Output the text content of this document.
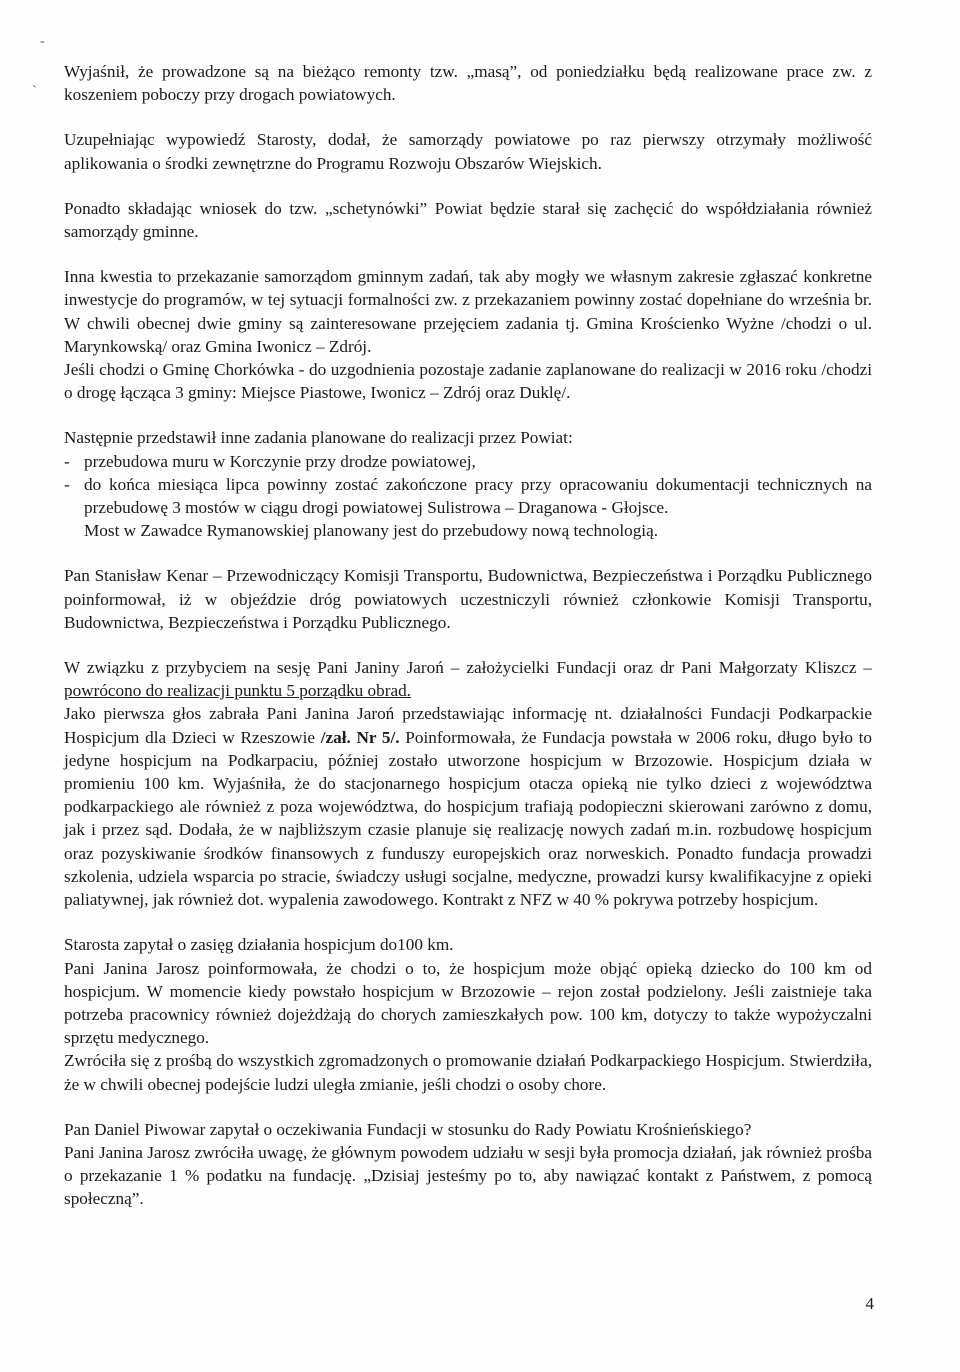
-
`

Wyjaśnił, że prowadzone są na bieżąco remonty tzw. „masą”, od poniedziałku będą realizowane prace zw. z koszeniem poboczy przy drogach powiatowych.

Uzupełniając wypowiedź Starosty, dodał, że samorządy powiatowe po raz pierwszy otrzymały możliwość aplikowania o środki zewnętrzne do Programu Rozwoju Obszarów Wiejskich.

Ponadto składając wniosek do tzw. „schetynówki” Powiat będzie starał się zachęcić do współdziałania również samorządy gminne.

Inna kwestia to przekazanie samorządom gminnym zadań, tak aby mogły we własnym zakresie zgłaszać konkretne inwestycje do programów, w tej sytuacji formalności zw. z przekazaniem powinny zostać dopełniane do września br. W chwili obecnej dwie gminy są zainteresowane przejęciem zadania tj. Gmina Krościenko Wyżne /chodzi o ul. Marynkowską/ oraz Gmina Iwonicz – Zdrój.

Jeśli chodzi o Gminę Chorkówka - do uzgodnienia pozostaje zadanie zaplanowane do realizacji w 2016 roku /chodzi o drogę łącząca 3 gminy: Miejsce Piastowe, Iwonicz – Zdrój oraz Duklę/.

Następnie przedstawił inne zadania planowane do realizacji przez Powiat:
- przebudowa muru w Korczynie przy drodze powiatowej,
- do końca miesiąca lipca powinny zostać zakończone pracy przy opracowaniu dokumentacji technicznych na przebudowę 3 mostów w ciągu drogi powiatowej Sulistrowa – Draganowa - Głojsce.
Most w Zawadce Rymanowskiej planowany jest do przebudowy nową technologią.

Pan Stanisław Kenar – Przewodniczący Komisji Transportu, Budownictwa, Bezpieczeństwa i Porządku Publicznego poinformował, iż w objeździe dróg powiatowych uczestniczyli również członkowie Komisji Transportu, Budownictwa, Bezpieczeństwa i Porządku Publicznego.

W związku z przybyciem na sesję Pani Janiny Jaroń – założycielki Fundacji oraz dr Pani Małgorzaty Kliszcz – powrócono do realizacji punktu 5 porządku obrad.

Jako pierwsza głos zabrała Pani Janina Jaroń przedstawiając informację nt. działalności Fundacji Podkarpackie Hospicjum dla Dzieci w Rzeszowie /zał. Nr 5/. Poinformowała, że Fundacja powstała w 2006 roku, długo było to jedyne hospicjum na Podkarpaciu, później zostało utworzone hospicjum w Brzozowie. Hospicjum działa w promieniu 100 km. Wyjaśniła, że do stacjonarnego hospicjum otacza opieką nie tylko dzieci z województwa podkarpackiego ale również z poza województwa, do hospicjum trafiają podopieczni skierowani zarówno z domu, jak i przez sąd. Dodała, że w najbliższym czasie planuje się realizację nowych zadań m.in. rozbudowę hospicjum oraz pozyskiwanie środków finansowych z funduszy europejskich oraz norweskich. Ponadto fundacja prowadzi szkolenia, udziela wsparcia po stracie, świadczy usługi socjalne, medyczne, prowadzi kursy kwalifikacyjne z opieki paliatywnej, jak również dot. wypalenia zawodowego. Kontrakt z NFZ w 40 % pokrywa potrzeby hospicjum.

Starosta zapytał o zasięg działania hospicjum do100 km.

Pani Janina Jarosz poinformowała, że chodzi o to, że hospicjum może objąć opieką dziecko do 100 km od hospicjum. W momencie kiedy powstało hospicjum w Brzozowie – rejon został podzielony. Jeśli zaistnieje taka potrzeba pracownicy również dojeżdżają do chorych zamieszkałych pow. 100 km, dotyczy to także wypożyczalni sprzętu medycznego.

Zwróciła się z prośbą do wszystkich zgromadzonych o promowanie działań Podkarpackiego Hospicjum. Stwierdziła, że w chwili obecnej podejście ludzi uległa zmianie, jeśli chodzi o osoby chore.

Pan Daniel Piwowar zapytał o oczekiwania Fundacji w stosunku do Rady Powiatu Krośnieńskiego?

Pani Janina Jarosz zwróciła uwagę, że głównym powodem udziału w sesji była promocja działań, jak również prośba o przekazanie 1 % podatku na fundację. „Dzisiaj jesteśmy po to, aby nawiązać kontakt z Państwem, z pomocą społeczną”.

4
